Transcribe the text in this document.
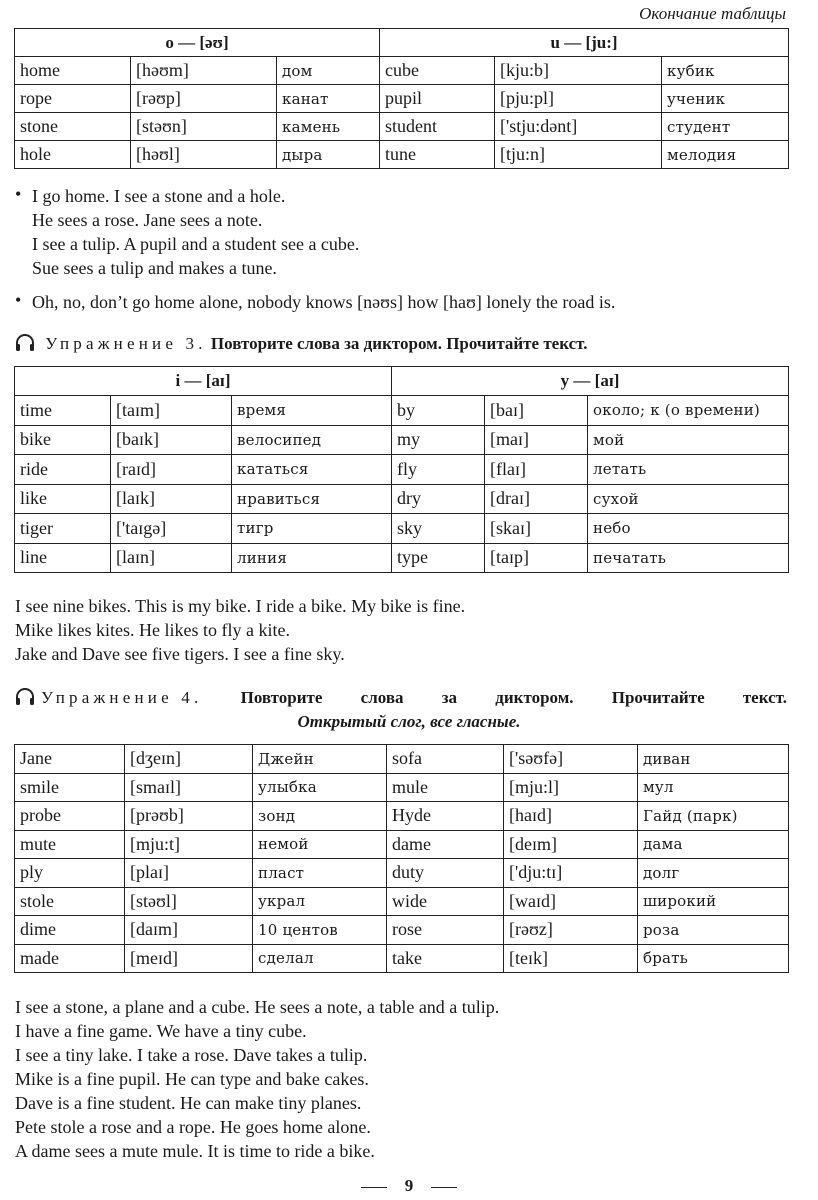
Окончание таблицы
o — [əʊ]			u — [ju:]		
home	[həʊm]	дом	cube	[kju:b]	кубик
rope	[rəʊp]	канат	pupil	[pju:pl]	ученик
stone	[stəʊn]	камень	student	['stju:dənt]	студент
hole	[həʊl]	дыра	tune	[tju:n]	мелодия
• I go home. I see a stone and a hole.
He sees a rose. Jane sees a note.
I see a tulip. A pupil and a student see a cube.
Sue sees a tulip and makes a tune.
• Oh, no, don’t go home alone, nobody knows [nəʊs] how [haʊ] lonely the road is.
Упражнение 3. Повторите слова за диктором. Прочитайте текст.
i — [aɪ]			y — [aɪ]		
time	[taɪm]	время	by	[baɪ]	около; к (о времени)
bike	[baɪk]	велосипед	my	[maɪ]	мой
ride	[raɪd]	кататься	fly	[flaɪ]	летать
like	[laɪk]	нравиться	dry	[draɪ]	сухой
tiger	['taɪgə]	тигр	sky	[skaɪ]	небо
line	[laɪn]	линия	type	[taɪp]	печатать
I see nine bikes. This is my bike. I ride a bike. My bike is fine.
Mike likes kites. He likes to fly a kite.
Jake and Dave see five tigers. I see a fine sky.
Упражнение 4. Повторите слова за диктором. Прочитайте текст.
Открытый слог, все гласные.
Jane	[dʒeɪn]	Джейн	sofa	['səʊfə]	диван
smile	[smaɪl]	улыбка	mule	[mju:l]	мул
probe	[prəʊb]	зонд	Hyde	[haɪd]	Гайд (парк)
mute	[mju:t]	немой	dame	[deɪm]	дама
ply	[plaɪ]	пласт	duty	['dju:tɪ]	долг
stole	[stəʊl]	украл	wide	[waɪd]	широкий
dime	[daɪm]	10 центов	rose	[rəʊz]	роза
made	[meɪd]	сделал	take	[teɪk]	брать
I see a stone, a plane and a cube. He sees a note, a table and a tulip.
I have a fine game. We have a tiny cube.
I see a tiny lake. I take a rose. Dave takes a tulip.
Mike is a fine pupil. He can type and bake cakes.
Dave is a fine student. He can make tiny planes.
Pete stole a rose and a rope. He goes home alone.
A dame sees a mute mule. It is time to ride a bike.
9
